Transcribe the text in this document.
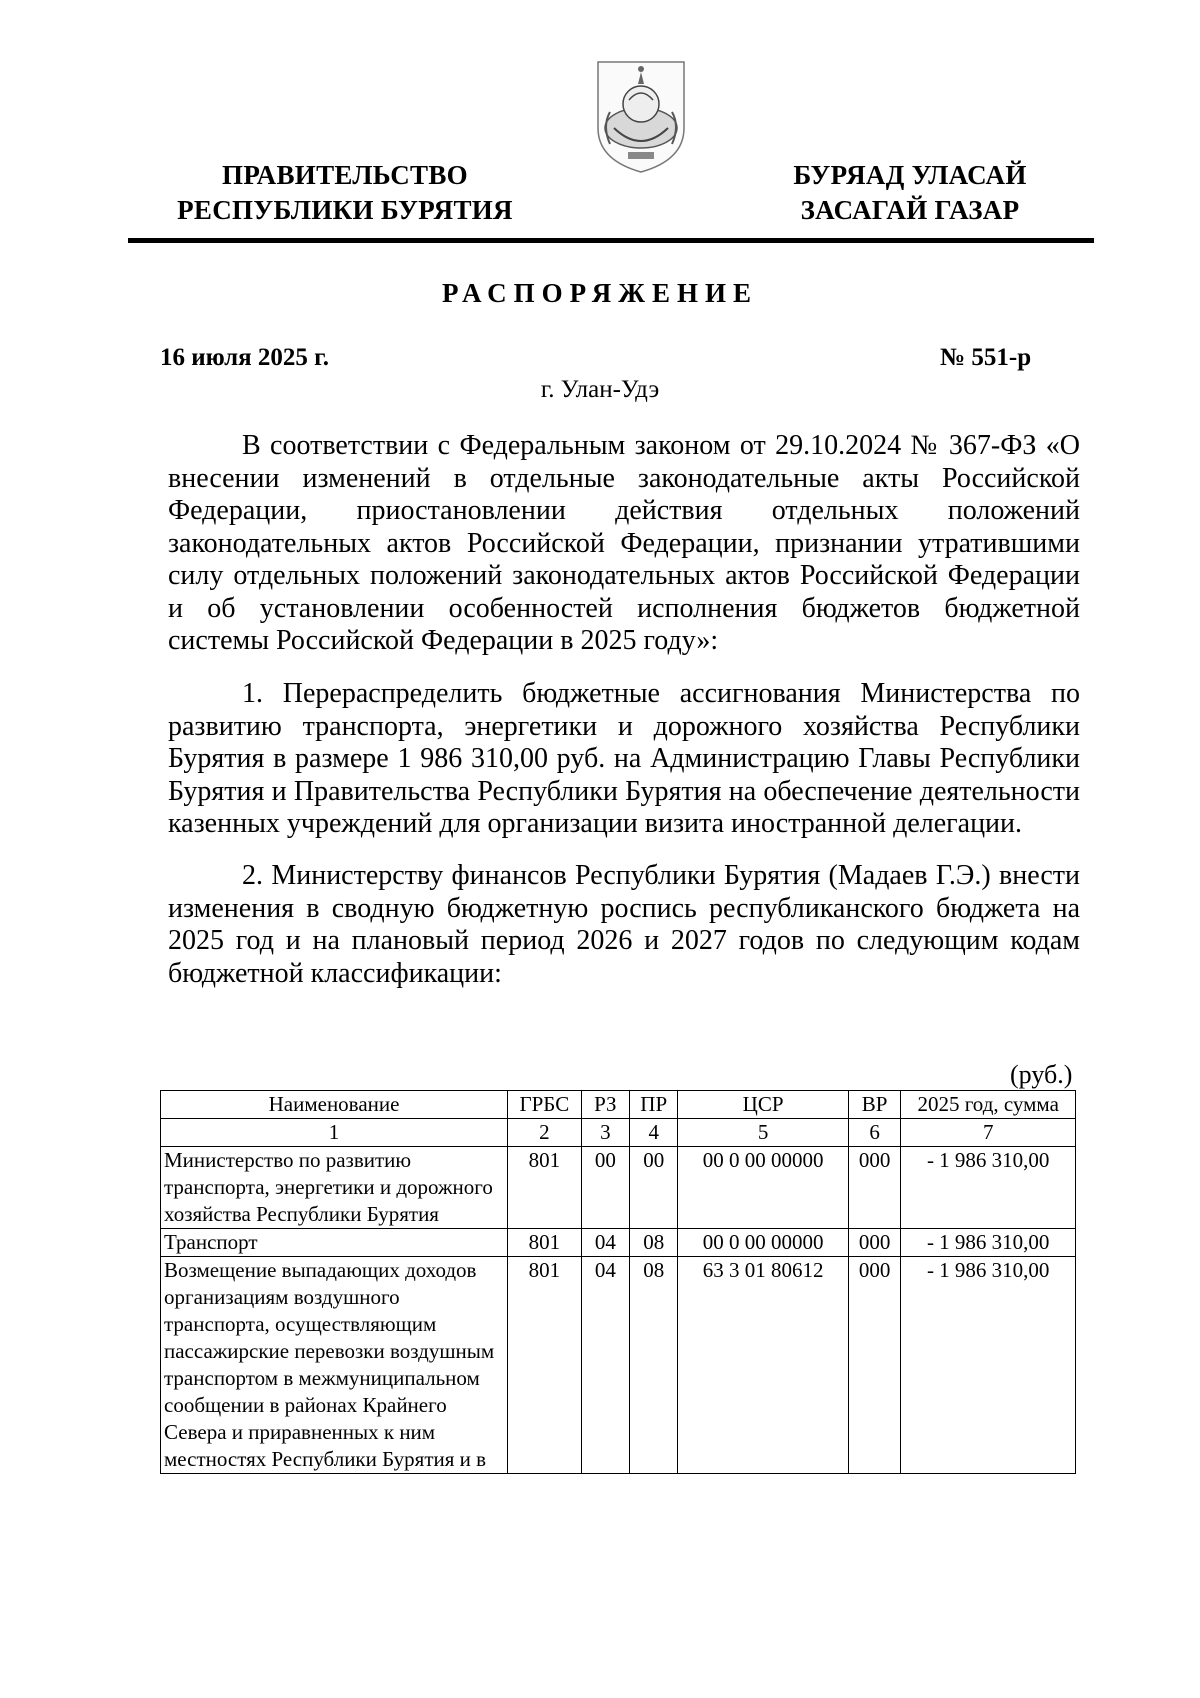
ПРАВИТЕЛЬСТВО
РЕСПУБЛИКИ БУРЯТИЯ
БУРЯАД УЛАСАЙ
ЗАСАГАЙ ГАЗАР
РАСПОРЯЖЕНИЕ
16 июля 2025 г.	№ 551-р
г. Улан-Удэ
В соответствии с Федеральным законом от 29.10.2024 № 367-ФЗ «О внесении изменений в отдельные законодательные акты Российской Федерации, приостановлении действия отдельных положений законодательных актов Российской Федерации, признании утратившими силу отдельных положений законодательных актов Российской Федерации и об установлении особенностей исполнения бюджетов бюджетной системы Российской Федерации в 2025 году»:
1. Перераспределить бюджетные ассигнования Министерства по развитию транспорта, энергетики и дорожного хозяйства Республики Бурятия в размере 1 986 310,00 руб. на Администрацию Главы Республики Бурятия и Правительства Республики Бурятия на обеспечение деятельности казенных учреждений для организации визита иностранной делегации.
2. Министерству финансов Республики Бурятия (Мадаев Г.Э.) внести изменения в сводную бюджетную роспись республиканского бюджета на 2025 год и на плановый период 2026 и 2027 годов по следующим кодам бюджетной классификации:
(руб.)
Наименование	ГРБС	РЗ	ПР	ЦСР	ВР	2025 год, сумма
1	2	3	4	5	6	7
Министерство по развитию транспорта, энергетики и дорожного хозяйства Республики Бурятия	801	00	00	00 0 00 00000	000	- 1 986 310,00
Транспорт	801	04	08	00 0 00 00000	000	- 1 986 310,00
Возмещение выпадающих доходов организациям воздушного транспорта, осуществляющим пассажирские перевозки воздушным транспортом в межмуниципальном сообщении в районах Крайнего Севера и приравненных к ним местностях Республики Бурятия и в	801	04	08	63 3 01 80612	000	- 1 986 310,00
